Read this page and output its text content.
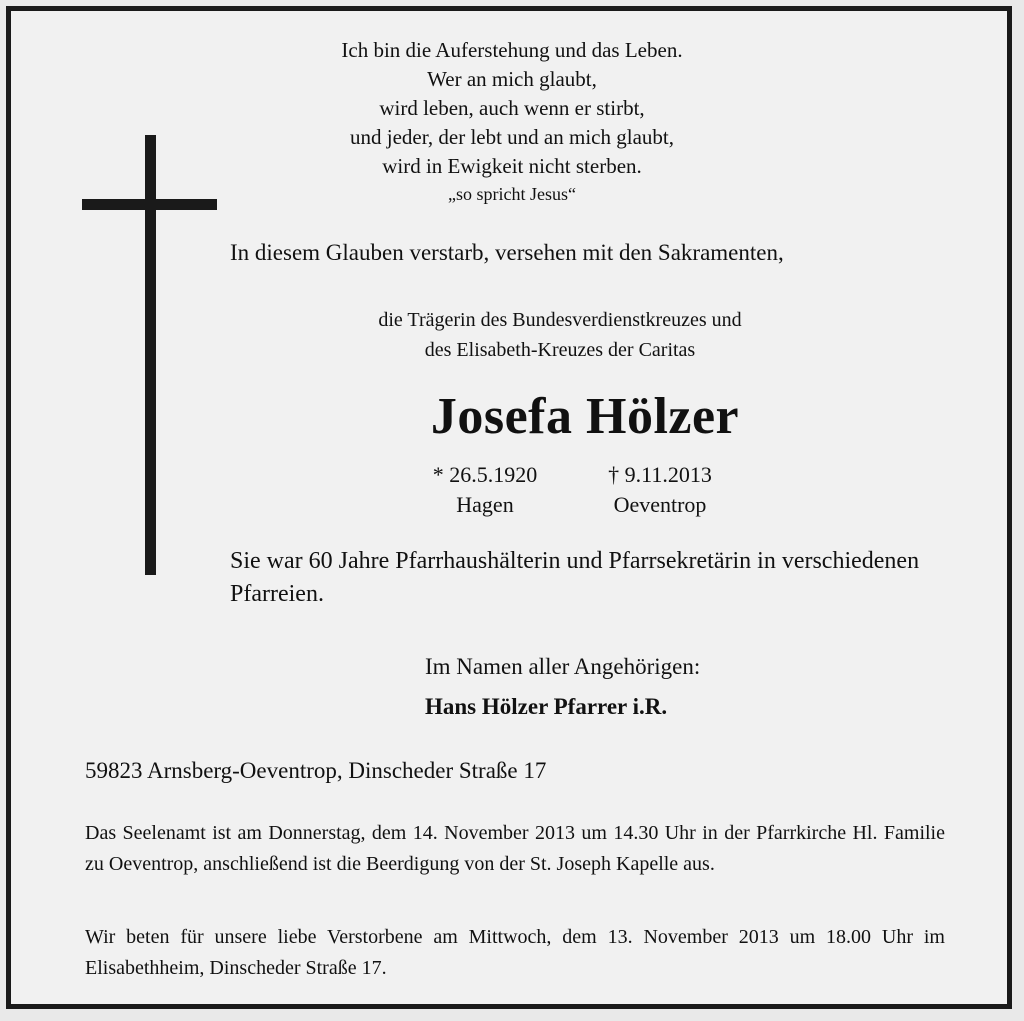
Ich bin die Auferstehung und das Leben.
Wer an mich glaubt,
wird leben, auch wenn er stirbt,
und jeder, der lebt und an mich glaubt,
wird in Ewigkeit nicht sterben.
„so spricht Jesus“
In diesem Glauben verstarb, versehen mit den Sakramenten,
die Trägerin des Bundesverdienstkreuzes und
des Elisabeth-Kreuzes der Caritas
Josefa Hölzer
* 26.5.1920
Hagen
† 9.11.2013
Oeventrop
Sie war 60 Jahre Pfarrhaushälterin und Pfarrsekretärin in verschiedenen Pfarreien.
Im Namen aller Angehörigen:
Hans Hölzer Pfarrer i.R.
59823 Arnsberg-Oeventrop, Dinscheder Straße 17
Das Seelenamt ist am Donnerstag, dem 14. November 2013 um 14.30 Uhr in der Pfarrkirche Hl. Familie zu Oeventrop, anschließend ist die Beerdigung von der St. Joseph Kapelle aus.
Wir beten für unsere liebe Verstorbene am Mittwoch, dem 13. November 2013 um 18.00 Uhr im Elisabethheim, Dinscheder Straße 17.
